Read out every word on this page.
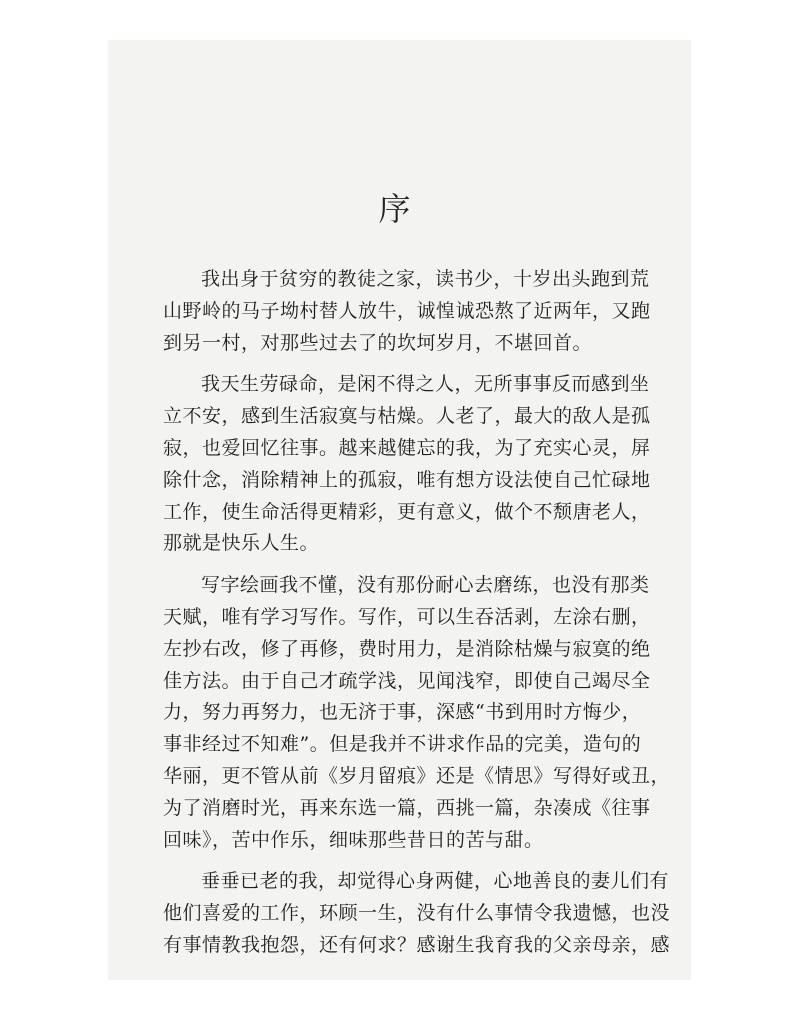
序
我出身于贫穷的教徒之家，读书少，十岁出头跑到荒
山野岭的马子坳村替人放牛，诚惶诚恐熬了近两年，又跑
到另一村，对那些过去了的坎坷岁月，不堪回首。
我天生劳碌命，是闲不得之人，无所事事反而感到坐
立不安，感到生活寂寞与枯燥。人老了，最大的敌人是孤
寂，也爱回忆往事。越来越健忘的我，为了充实心灵，屏
除什念，消除精神上的孤寂，唯有想方设法使自己忙碌地
工作，使生命活得更精彩，更有意义，做个不颓唐老人，
那就是快乐人生。
写字绘画我不懂，没有那份耐心去磨练，也没有那类
天赋，唯有学习写作。写作，可以生吞活剥，左涂右删，
左抄右改，修了再修，费时用力，是消除枯燥与寂寞的绝
佳方法。由于自己才疏学浅，见闻浅窄，即使自己竭尽全
力，努力再努力，也无济于事，深感“书到用时方悔少，
事非经过不知难”。但是我并不讲求作品的完美，造句的
华丽，更不管从前《岁月留痕》还是《情思》写得好或丑，
为了消磨时光，再来东选一篇，西挑一篇，杂凑成《往事
回味》，苦中作乐，细味那些昔日的苦与甜。
垂垂已老的我，却觉得心身两健，心地善良的妻儿们有
他们喜爱的工作，环顾一生，没有什么事情令我遗憾，也没
有事情教我抱怨，还有何求？感谢生我育我的父亲母亲，感
